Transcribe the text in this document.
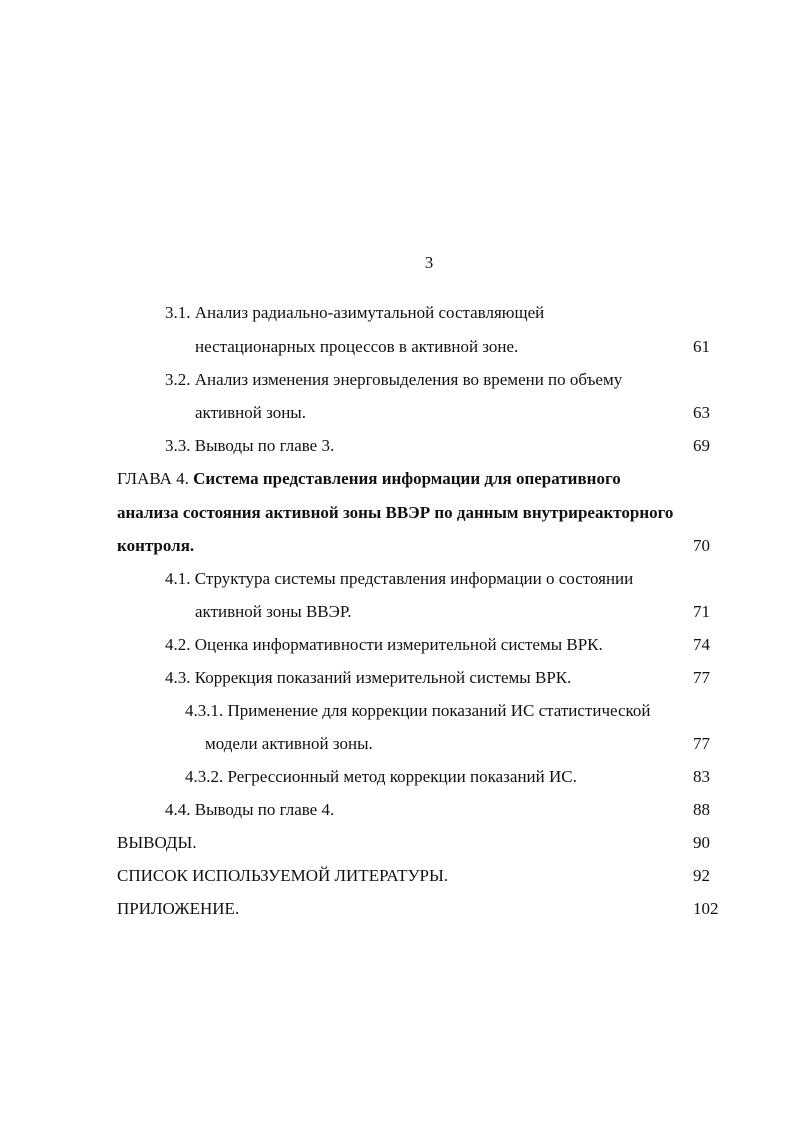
3
3.1. Анализ радиально-азимутальной составляющей
нестационарных процессов в активной зоне.	61
3.2. Анализ изменения энерговыделения во времени по объему
активной зоны.	63
3.3. Выводы по главе 3.	69
ГЛАВА 4. Система представления информации для оперативного
анализа состояния активной зоны ВВЭР по данным внутриреакторного
контроля.	70
4.1. Структура системы представления информации о состоянии
активной зоны ВВЭР.	71
4.2. Оценка информативности измерительной системы ВРК.	74
4.3. Коррекция показаний измерительной системы ВРК.	77
4.3.1. Применение для коррекции показаний ИС статистической
модели активной зоны.	77
4.3.2. Регрессионный метод коррекции показаний ИС.	83
4.4. Выводы по главе 4.	88
ВЫВОДЫ.	90
СПИСОК ИСПОЛЬЗУЕМОЙ ЛИТЕРАТУРЫ.	92
ПРИЛОЖЕНИЕ.	102
